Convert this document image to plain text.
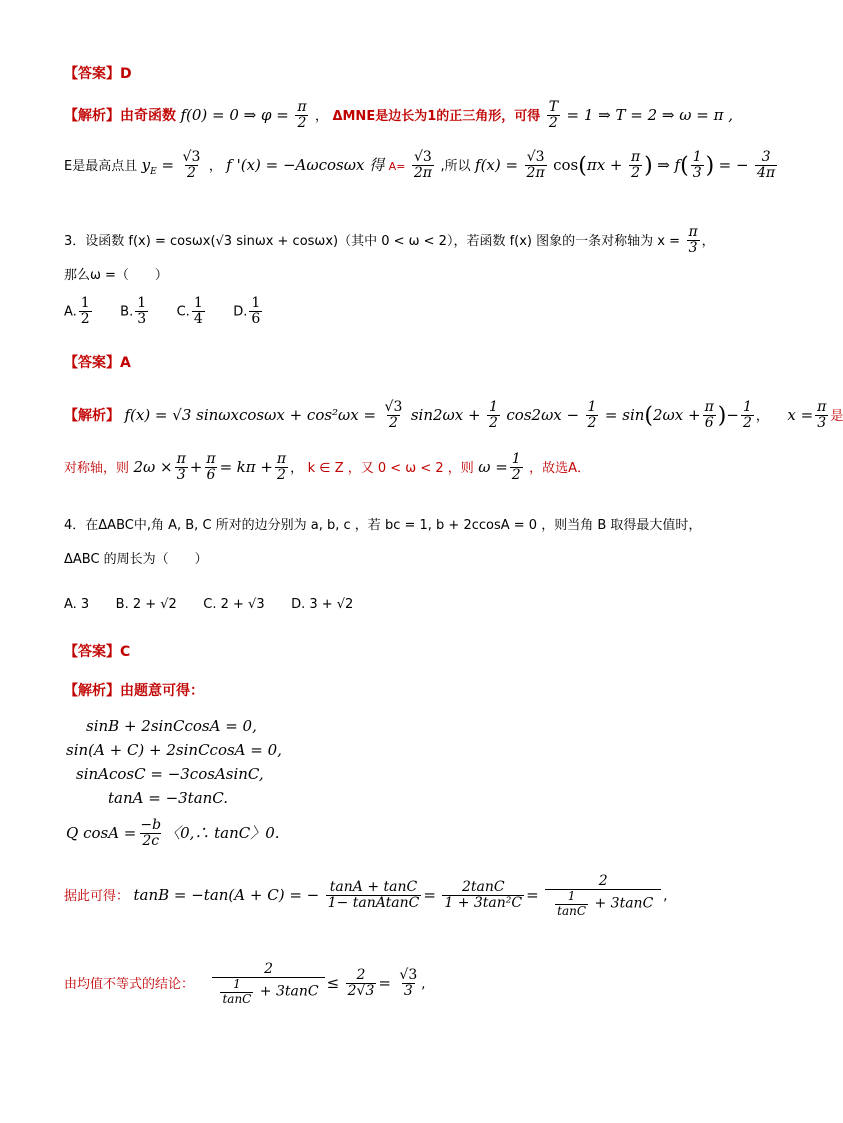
【答案】D
【解析】由奇函数 f(0) = 0 ⇒ $\varphi = \frac{\pi}{2}$ ， ΔMNE是边长为1的正三角形，可得 $\frac{T}{2} = 1$ ⇒ T = 2 ⇒ ω = π ,
E是最高点且 $y_E = \frac{√3}{2}$ ， f '(x) = −Aωcosωx 得 $A= \frac{√3}{2\pi}$ ,所以 $f(x) = \frac{√3}{2\pi} \cos(\pi x + \frac{\pi}{2}$ ) ⇒ $f( \frac{1}{3}$ ) = − $\frac{3}{4\pi}$
3．设函数 f(x) = cosωx(√3 sinωx + cosωx)（其中 0 < ω < 2），若函数 f(x) 图象的一条对称轴为 $x = \frac{\pi}{3}$ ，
那么ω =（　　）
A. $\frac{1}{2} B$. $\frac{1}{3} C$. $\frac{1}{4} D$. $\frac{1}{6}$
【答案】A
【解析】 f(x) = √3 $\sin\omega xcos\omega x + \cos^2\omega x = \frac{√3}{2} \sin 2\omega x + \frac{1}{2} \cos 2\omega x - \frac{1}{2} = \sin(2\omega x + \frac{\pi}{6}$ )− $\frac{1}{2}$ ， $x = \frac{\pi}{3}$ 是
对称轴，则 $2\omega \times \frac{\pi}{3} + \frac{\pi}{6} = k\pi + \frac{\pi}{2}$ ， k ∈ Z ，又 0 < ω < 2 ，则 $\omega = \frac{1}{2}$ ，故选A．
4．在ΔABC中,角 A, B, C 所对的边分别为 a, b, c ，若 bc = 1, b + 2ccosA = 0 ，则当角 B 取得最大值时，
ΔABC 的周长为（　　）
A. 3 B. 2 + √2 C. 2 + √3 D. 3 + √2
【答案】C
【解析】由题意可得：
sinB + 2sinCcosA = 0,
sin(A + C) + 2sinCcosA = 0,
sinAcosC = −3cosAsinC,
tanA = −3tanC.
Q $\cos A = \frac{-b}{2c}$ 〈0,∴ tanC〉0.
据此可得： tanB = −tan(A + C) = − $\frac{\tan A + \tan C}{\text{1− tanAtanC}} = \frac{2\tan C}{\text{1 + 3tan²C}} = \frac{2}{\frac{1}{\tan C} + 3\tan C}$ ,
由均值不等式的结论： $\frac{2}{\frac{1}{\tan C} + 3\tan C} \le \frac{2}{2√3} = \frac{√3}{3}$ ,
